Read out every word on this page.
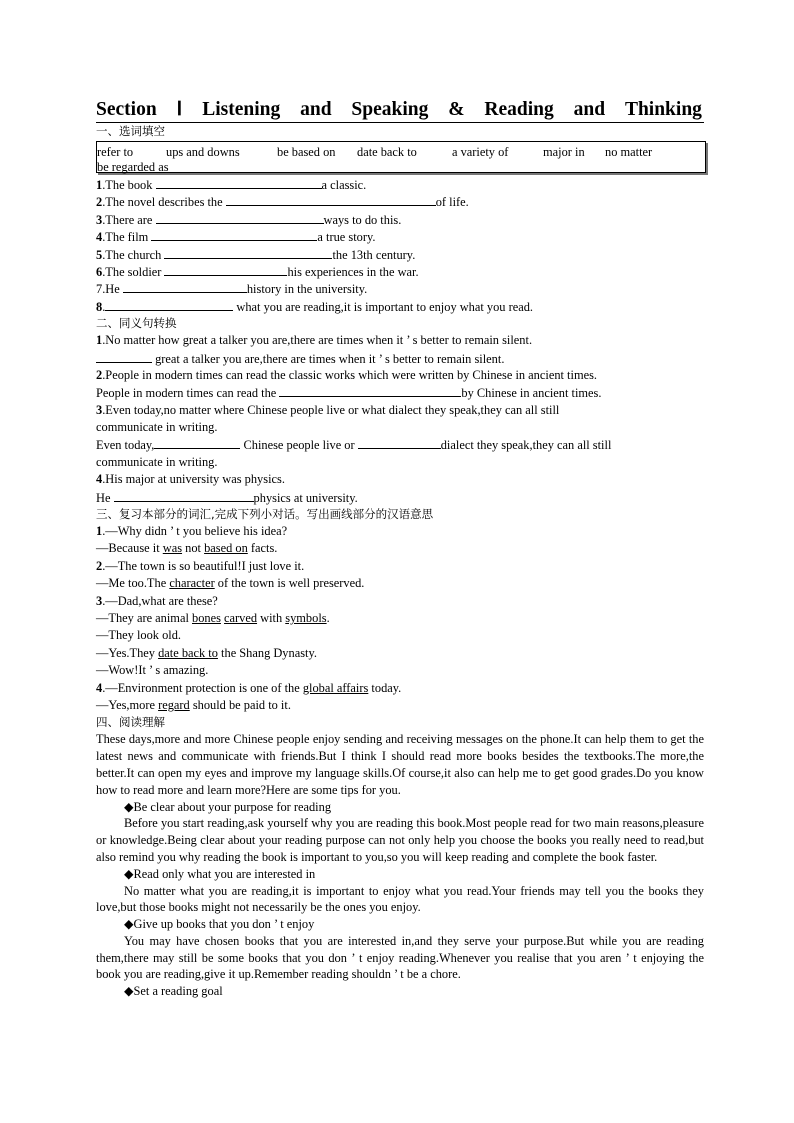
Section Ⅰ Listening and Speaking & Reading and Thinking
一、选词填空
refer to	ups and downs	be based on	date back to	a variety of	major in	no matter
be regarded as
1.The book	a classic.
2.The novel describes the	of life.
3.There are	ways to do this.
4.The film	a true story.
5.The church	the 13th century.
6.The soldier	his experiences in the war.
7.He	history in the university.
8.	what you are reading,it is important to enjoy what you read.
二、同义句转换
1.No matter how great a talker you are,there are times when it ’ s better to remain silent.
great a talker you are,there are times when it ’ s better to remain silent.
2.People in modern times can read the classic works which were written by Chinese in ancient times.
People in modern times can read the	by Chinese in ancient times.
3.Even today,no matter where Chinese people live or what dialect they speak,they can all still
communicate in writing.
Even today,	Chinese people live or	dialect they speak,they can all still
communicate in writing.
4.His major at university was physics.
He	physics at university.
三、复习本部分的词汇,完成下列小对话。写出画线部分的汉语意思
1.—Why didn ’ t you believe his idea?
—Because it was not based on facts.
2.—The town is so beautiful!I just love it.
—Me too.The character of the town is well preserved.
3.—Dad,what are these?
—They are animal bones carved with symbols.
—They look old.
—Yes.They date back to the Shang Dynasty.
—Wow!It ’ s amazing.
4.—Environment protection is one of the global affairs today.
—Yes,more regard should be paid to it.
四、阅读理解
These days,more and more Chinese people enjoy sending and receiving messages on the phone.It can help them to get the latest news and communicate with friends.But I think I should read more books besides the textbooks.The more,the better.It can open my eyes and improve my language skills.Of course,it also can help me to get good grades.Do you know how to read more and learn more?Here are some tips for you.
◆Be clear about your purpose for reading
Before you start reading,ask yourself why you are reading this book.Most people read for two main reasons,pleasure or knowledge.Being clear about your reading purpose can not only help you choose the books you really need to read,but also remind you why reading the book is important to you,so you will keep reading and complete the book faster.
◆Read only what you are interested in
No matter what you are reading,it is important to enjoy what you read.Your friends may tell you the books they love,but those books might not necessarily be the ones you enjoy.
◆Give up books that you don ’ t enjoy
You may have chosen books that you are interested in,and they serve your purpose.But while you are reading them,there may still be some books that you don ’ t enjoy reading.Whenever you realise that you aren ’ t enjoying the book you are reading,give it up.Remember reading shouldn ’ t be a chore.
◆Set a reading goal
